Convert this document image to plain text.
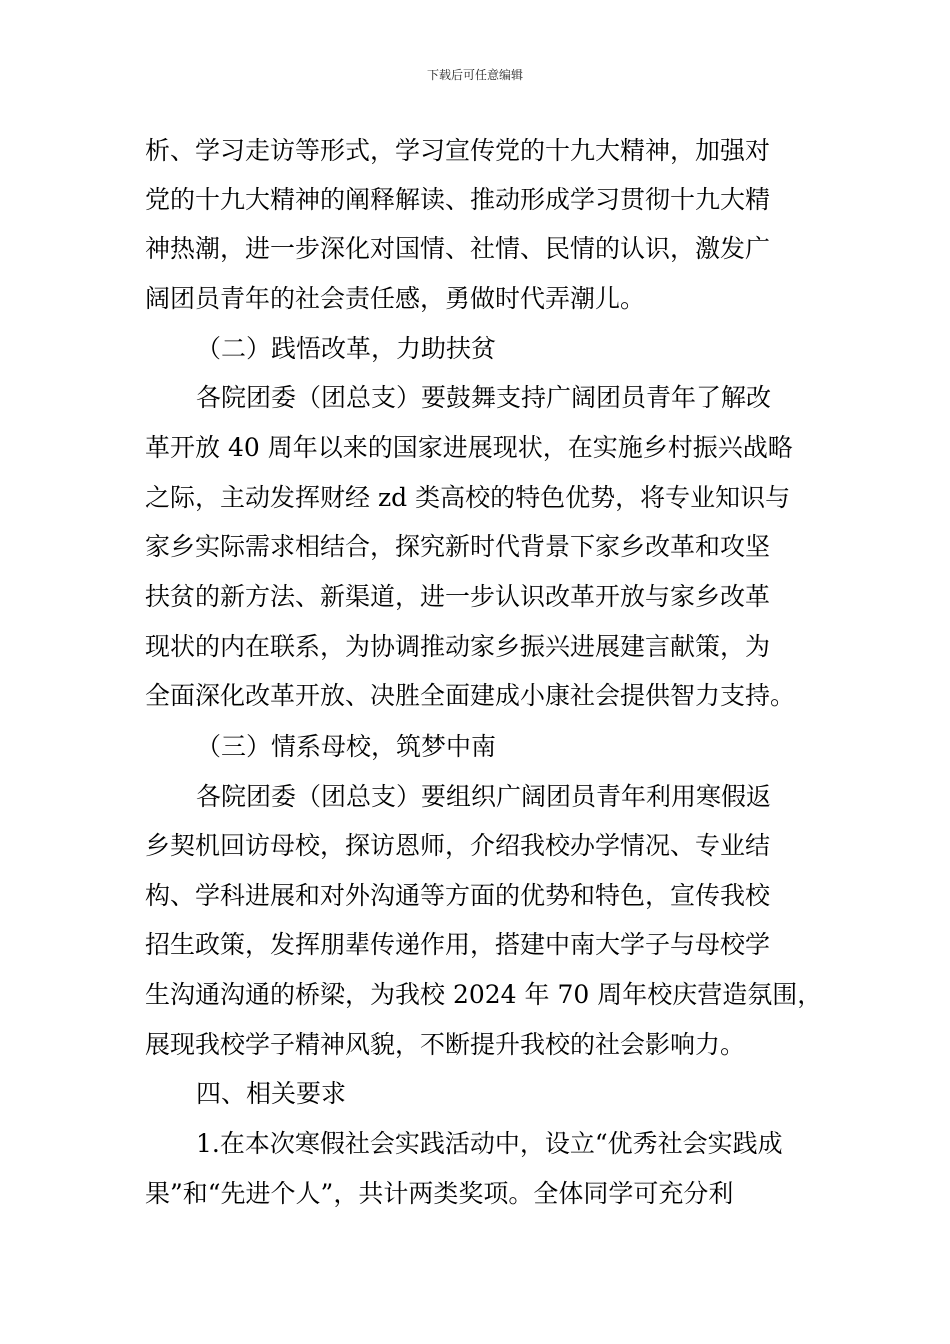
下载后可任意编辑
析、学习走访等形式，学习宣传党的十九大精神，加强对
党的十九大精神的阐释解读、推动形成学习贯彻十九大精
神热潮，进一步深化对国情、社情、民情的认识，激发广
阔团员青年的社会责任感，勇做时代弄潮儿。
（二）践悟改革，力助扶贫
各院团委（团总支）要鼓舞支持广阔团员青年了解改
革开放 40 周年以来的国家进展现状，在实施乡村振兴战略
之际，主动发挥财经 zd 类高校的特色优势，将专业知识与
家乡实际需求相结合，探究新时代背景下家乡改革和攻坚
扶贫的新方法、新渠道，进一步认识改革开放与家乡改革
现状的内在联系，为协调推动家乡振兴进展建言献策，为
全面深化改革开放、决胜全面建成小康社会提供智力支持。
（三）情系母校，筑梦中南
各院团委（团总支）要组织广阔团员青年利用寒假返
乡契机回访母校，探访恩师，介绍我校办学情况、专业结
构、学科进展和对外沟通等方面的优势和特色，宣传我校
招生政策，发挥朋辈传递作用，搭建中南大学子与母校学
生沟通沟通的桥梁，为我校 2024 年 70 周年校庆营造氛围，
展现我校学子精神风貌，不断提升我校的社会影响力。
四、相关要求
1.在本次寒假社会实践活动中，设立“优秀社会实践成
果”和“先进个人”，共计两类奖项。全体同学可充分利
